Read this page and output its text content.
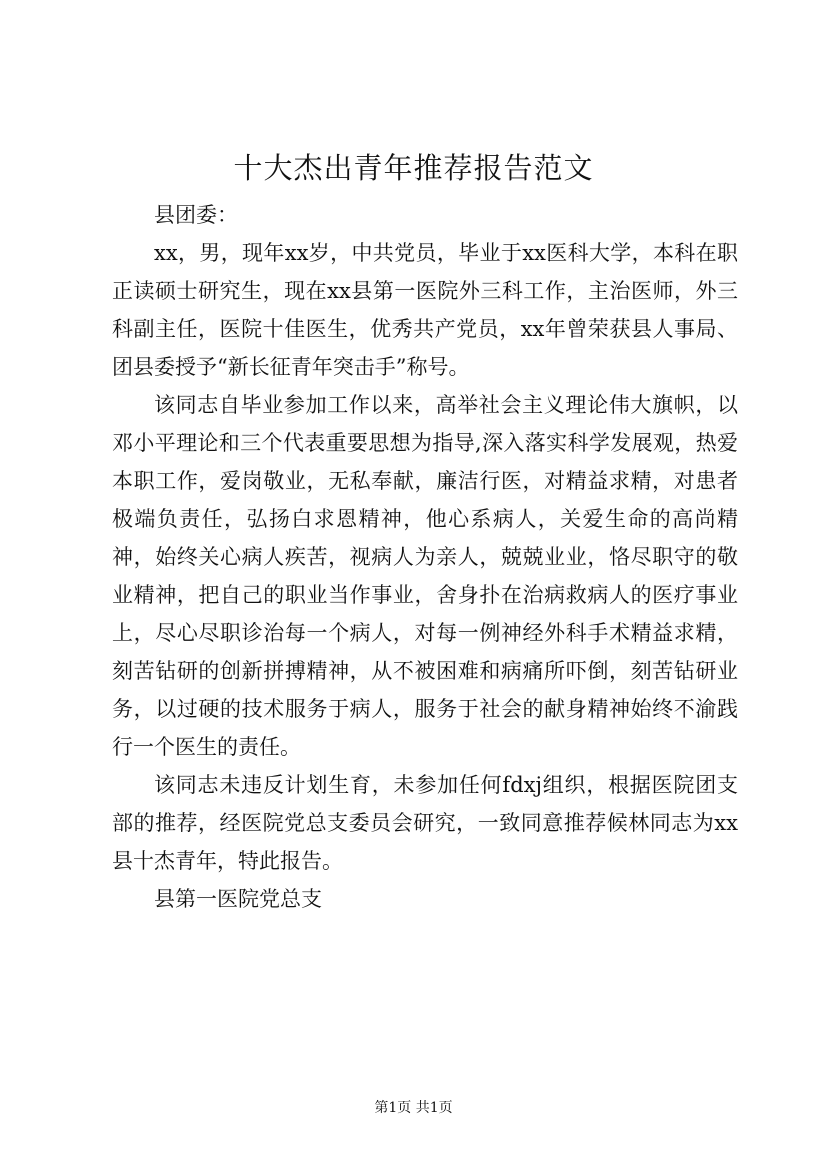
十大杰出青年推荐报告范文

县团委：

xx，男，现年xx岁，中共党员，毕业于xx医科大学，本科在职正读硕士研究生，现在xx县第一医院外三科工作，主治医师，外三科副主任，医院十佳医生，优秀共产党员，xx年曾荣获县人事局、团县委授予“新长征青年突击手”称号。

该同志自毕业参加工作以来，高举社会主义理论伟大旗帜，以邓小平理论和三个代表重要思想为指导,深入落实科学发展观，热爱本职工作，爱岗敬业，无私奉献，廉洁行医，对精益求精，对患者极端负责任，弘扬白求恩精神，他心系病人，关爱生命的高尚精神，始终关心病人疾苦，视病人为亲人，兢兢业业，恪尽职守的敬业精神，把自己的职业当作事业，舍身扑在治病救病人的医疗事业上，尽心尽职诊治每一个病人，对每一例神经外科手术精益求精，刻苦钻研的创新拼搏精神，从不被困难和病痛所吓倒，刻苦钻研业务，以过硬的技术服务于病人，服务于社会的献身精神始终不渝践行一个医生的责任。

该同志未违反计划生育，未参加任何fdxj组织，根据医院团支部的推荐，经医院党总支委员会研究，一致同意推荐候林同志为xx县十杰青年，特此报告。

县第一医院党总支

第1页 共1页
